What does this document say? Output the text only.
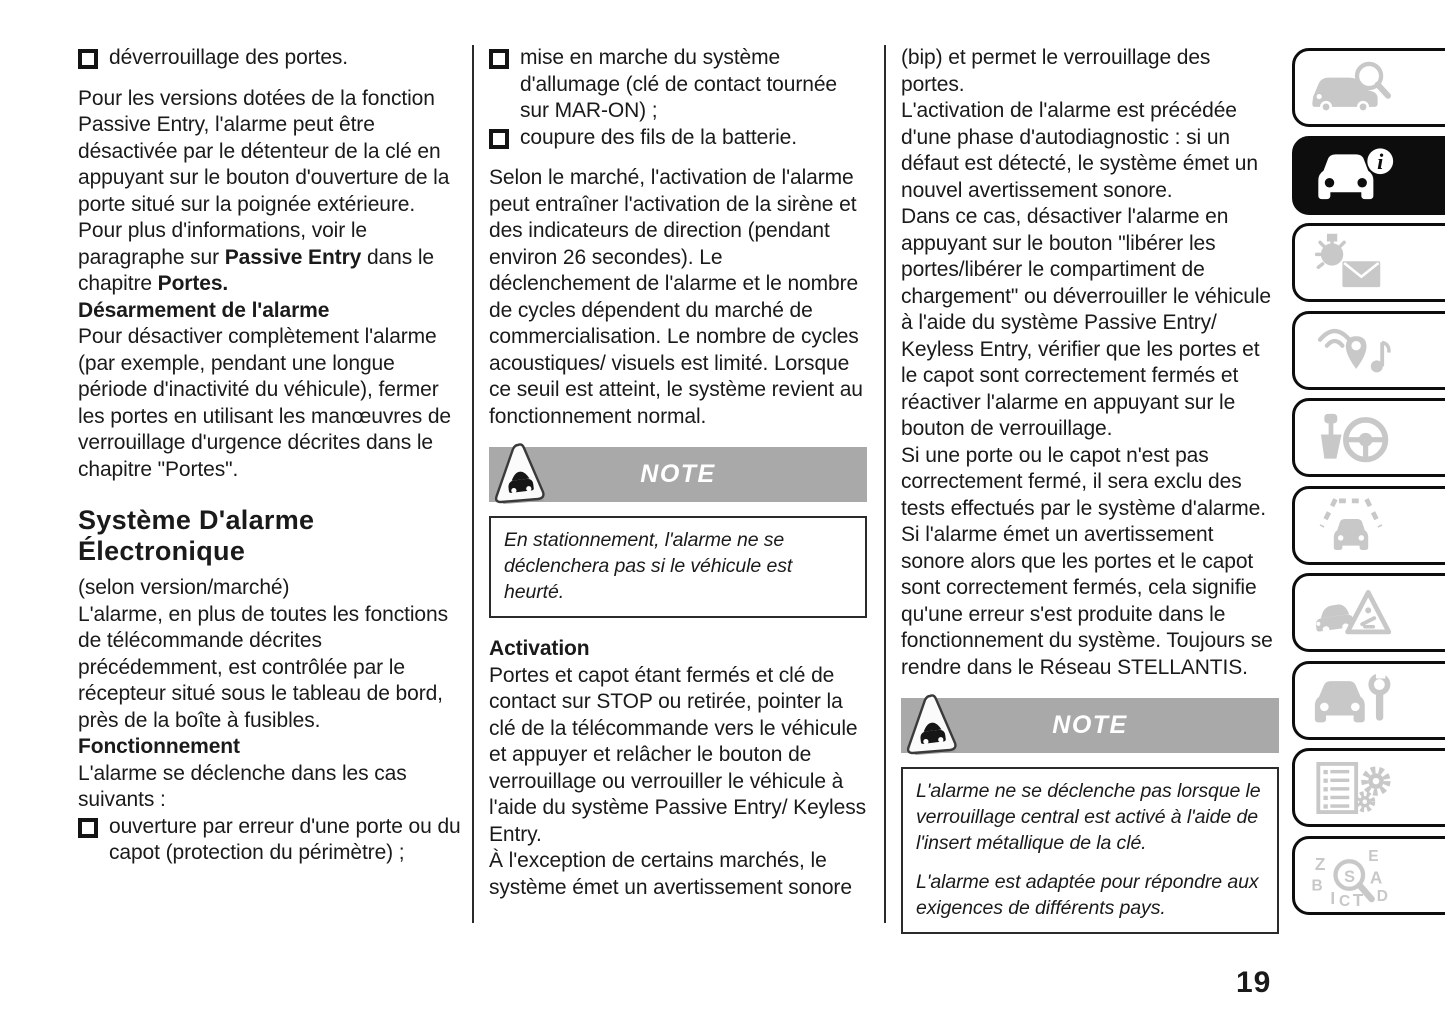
déverrouillage des portes.

Pour les versions dotées de la fonction Passive Entry, l'alarme peut être désactivée par le détenteur de la clé en appuyant sur le bouton d'ouverture de la porte situé sur la poignée extérieure. Pour plus d'informations, voir le paragraphe sur Passive Entry dans le chapitre Portes.

Désarmement de l'alarme

Pour désactiver complètement l'alarme (par exemple, pendant une longue période d'inactivité du véhicule), fermer les portes en utilisant les manœuvres de verrouillage d'urgence décrites dans le chapitre "Portes".

Système D'alarme Électronique

(selon version/marché)

L'alarme, en plus de toutes les fonctions de télécommande décrites précédemment, est contrôlée par le récepteur situé sous le tableau de bord, près de la boîte à fusibles.

Fonctionnement

L'alarme se déclenche dans les cas suivants :

ouverture par erreur d'une porte ou du capot (protection du périmètre) ;
mise en marche du système d'allumage (clé de contact tournée sur MAR-ON) ;
coupure des fils de la batterie.

Selon le marché, l'activation de l'alarme peut entraîner l'activation de la sirène et des indicateurs de direction (pendant environ 26 secondes). Le déclenchement de l'alarme et le nombre de cycles dépendent du marché de commercialisation. Le nombre de cycles acoustiques/ visuels est limité. Lorsque ce seuil est atteint, le système revient au fonctionnement normal.

NOTE

En stationnement, l'alarme ne se déclenchera pas si le véhicule est heurté.

Activation

Portes et capot étant fermés et clé de contact sur STOP ou retirée, pointer la clé de la télécommande vers le véhicule et appuyer et relâcher le bouton de verrouillage ou verrouiller le véhicule à l'aide du système Passive Entry/ Keyless Entry.

À l'exception de certains marchés, le système émet un avertissement sonore

(bip) et permet le verrouillage des portes.

L'activation de l'alarme est précédée d'une phase d'autodiagnostic : si un défaut est détecté, le système émet un nouvel avertissement sonore.

Dans ce cas, désactiver l'alarme en appuyant sur le bouton "libérer les portes/libérer le compartiment de chargement" ou déverrouiller le véhicule à l'aide du système Passive Entry/ Keyless Entry, vérifier que les portes et le capot sont correctement fermés et réactiver l'alarme en appuyant sur le bouton de verrouillage.

Si une porte ou le capot n'est pas correctement fermé, il sera exclu des tests effectués par le système d'alarme. Si l'alarme émet un avertissement sonore alors que les portes et le capot sont correctement fermés, cela signifie qu'une erreur s'est produite dans le fonctionnement du système. Toujours se rendre dans le Réseau STELLANTIS.

NOTE

L'alarme ne se déclenche pas lorsque le verrouillage central est activé à l'aide de l'insert métallique de la clé.

L'alarme est adaptée pour répondre aux exigences de différents pays.

i
Z E
B A
D
I C T
S
19
